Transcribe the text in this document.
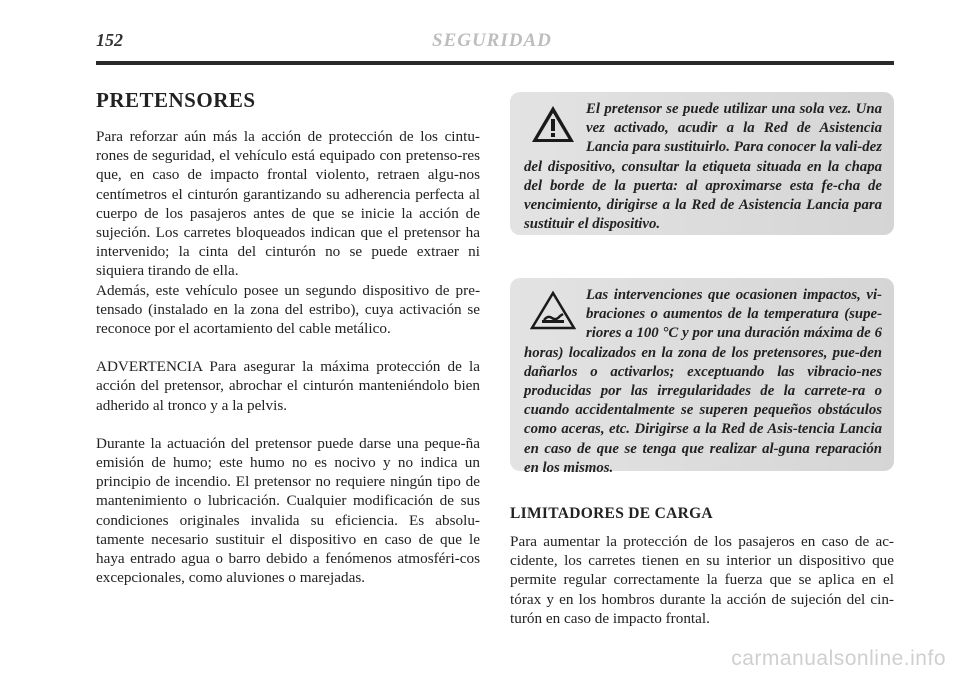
152	SEGURIDAD
PRETENSORES

Para reforzar aún más la acción de protección de los cintu-rones de seguridad, el vehículo está equipado con pretenso-res que, en caso de impacto frontal violento, retraen algu-nos centímetros el cinturón garantizando su adherencia perfecta al cuerpo de los pasajeros antes de que se inicie la acción de sujeción. Los carretes bloqueados indican que el pretensor ha intervenido; la cinta del cinturón no se puede extraer ni siquiera tirando de ella.

Además, este vehículo posee un segundo dispositivo de pre-tensado (instalado en la zona del estribo), cuya activación se reconoce por el acortamiento del cable metálico.

ADVERTENCIA Para asegurar la máxima protección de la acción del pretensor, abrochar el cinturón manteniéndolo bien adherido al tronco y a la pelvis.

Durante la actuación del pretensor puede darse una peque-ña emisión de humo; este humo no es nocivo y no indica un principio de incendio. El pretensor no requiere ningún tipo de mantenimiento o lubricación. Cualquier modificación de sus condiciones originales invalida su eficiencia. Es absolu-tamente necesario sustituir el dispositivo en caso de que le haya entrado agua o barro debido a fenómenos atmosféri-cos excepcionales, como aluviones o marejadas.

El pretensor se puede utilizar una sola vez. Una vez activado, acudir a la Red de Asistencia Lancia para sustituirlo. Para conocer la vali-dez del dispositivo, consultar la etiqueta situada en la chapa del borde de la puerta: al aproximarse esta fe-cha de vencimiento, dirigirse a la Red de Asistencia Lancia para sustituir el dispositivo.

Las intervenciones que ocasionen impactos, vi-braciones o aumentos de la temperatura (supe-riores a 100 °C y por una duración máxima de 6 horas) localizados en la zona de los pretensores, pue-den dañarlos o activarlos; exceptuando las vibracio-nes producidas por las irregularidades de la carrete-ra o cuando accidentalmente se superen pequeños obstáculos como aceras, etc. Dirigirse a la Red de Asis-tencia Lancia en caso de que se tenga que realizar al-guna reparación en los mismos.

LIMITADORES DE CARGA

Para aumentar la protección de los pasajeros en caso de ac-cidente, los carretes tienen en su interior un dispositivo que permite regular correctamente la fuerza que se aplica en el tórax y en los hombros durante la acción de sujeción del cin-turón en caso de impacto frontal.

carmanualsonline.info
